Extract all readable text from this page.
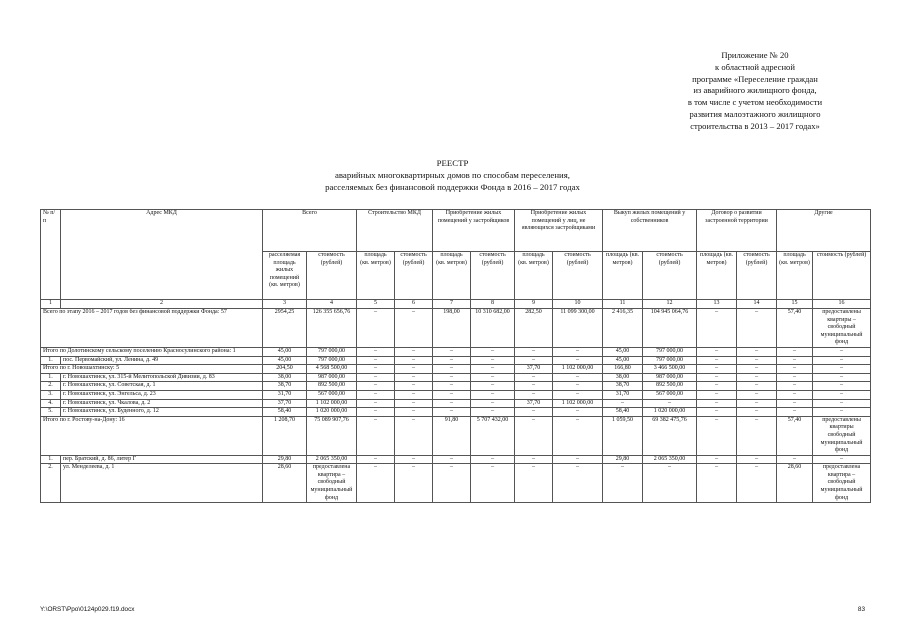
Приложение № 20
к областной адресной
программе «Переселение граждан
из аварийного жилищного фонда,
в том числе с учетом необходимости
развития малоэтажного жилищного
строительства в 2013 – 2017 годах»
РЕЕСТР
аварийных многоквартирных домов по способам переселения,
расселяемых без финансовой поддержки Фонда в 2016 – 2017 годах
№ п/п	Адрес МКД	Всего		Строительство МКД		Приобретение жилых помещений у застройщиков		Приобретение жилых помещений у лиц, не являющихся застройщиками		Выкуп жилых помещений у собственников		Договор о развитии застроенной территории		Другие	
		расселяемая площадь жилых помещений (кв. метров)	стоимость (рублей)	площадь (кв. метров)	стоимость (рублей)	площадь (кв. метров)	стоимость (рублей)	площадь (кв. метров)	стоимость (рублей)	площадь (кв. метров)	стоимость (рублей)	площадь (кв. метров)	стоимость (рублей)	площадь (кв. метров)	стоимость (рублей)
1	2	3	4	5	6	7	8	9	10	11	12	13	14	15	16
Всего по этапу 2016 – 2017 годов без финансовой поддержки Фонда: 57		2954,25	126 355 656,76	–	–	198,00	10 310 682,00	282,50	11 099 300,00	2 416,35	104 945 064,76	–	–	57,40	предоставлены квартиры – свободный муниципальный фонд
Итого по Долотинскому сельскому поселению Красносулинского района: 1		45,00	797 000,00	–	–	–	–	–	–	45,00	797 000,00	–	–	–	–
1.	пос. Первомайский, ул. Ленина, д. 49	45,00	797 000,00	–	–	–	–	–	–	45,00	797 000,00	–	–	–	–
Итого по г. Новошахтинску: 5		204,50	4 568 500,00	–	–	–	–	37,70	1 102 000,00	166,80	3 466 500,00	–	–	–	–
1.	г. Новошахтинск, ул. 315-й Мелитопольской Дивизии, д. 83	38,00	987 000,00	–	–	–	–	–	–	38,00	987 000,00	–	–	–	–
2.	г. Новошахтинск, ул. Советская, д. 1	38,70	892 500,00	–	–	–	–	–	–	38,70	892 500,00	–	–	–	–
3.	г. Новошахтинск, ул. Энгельса, д. 23	31,70	567 000,00	–	–	–	–	–	–	31,70	567 000,00	–	–	–	–
4.	г. Новошахтинск, ул. Чкалова, д. 2	37,70	1 102 000,00	–	–	–	–	37,70	1 102 000,00	–	–	–	–	–	–
5.	г. Новошахтинск, ул. Буденного, д. 12	58,40	1 020 000,00	–	–	–	–	–	–	58,40	1 020 000,00	–	–	–	–
Итого по г. Ростову-на-Дону: 16		1 208,70	75 089 907,76	–	–	91,80	5 707 432,00	–	–	1 059,50	69 382 475,76	–	–	57,40	предоставлены квартиры свободный муниципальный фонд
1.	пер. Братский, д. 86, литер Г	29,80	2 065 350,00	–	–	–	–	–	–	29,80	2 065 350,00	–	–	–	–
2.	ул. Менделеева, д. 1	28,60	предоставлена квартира – свободный муниципальный фонд	–	–	–	–	–	–	–	–	–	–	28,60	предоставлена квартира – свободный муниципальный фонд
Y:\ORST\Ppo\0124p029.f19.docx	83
